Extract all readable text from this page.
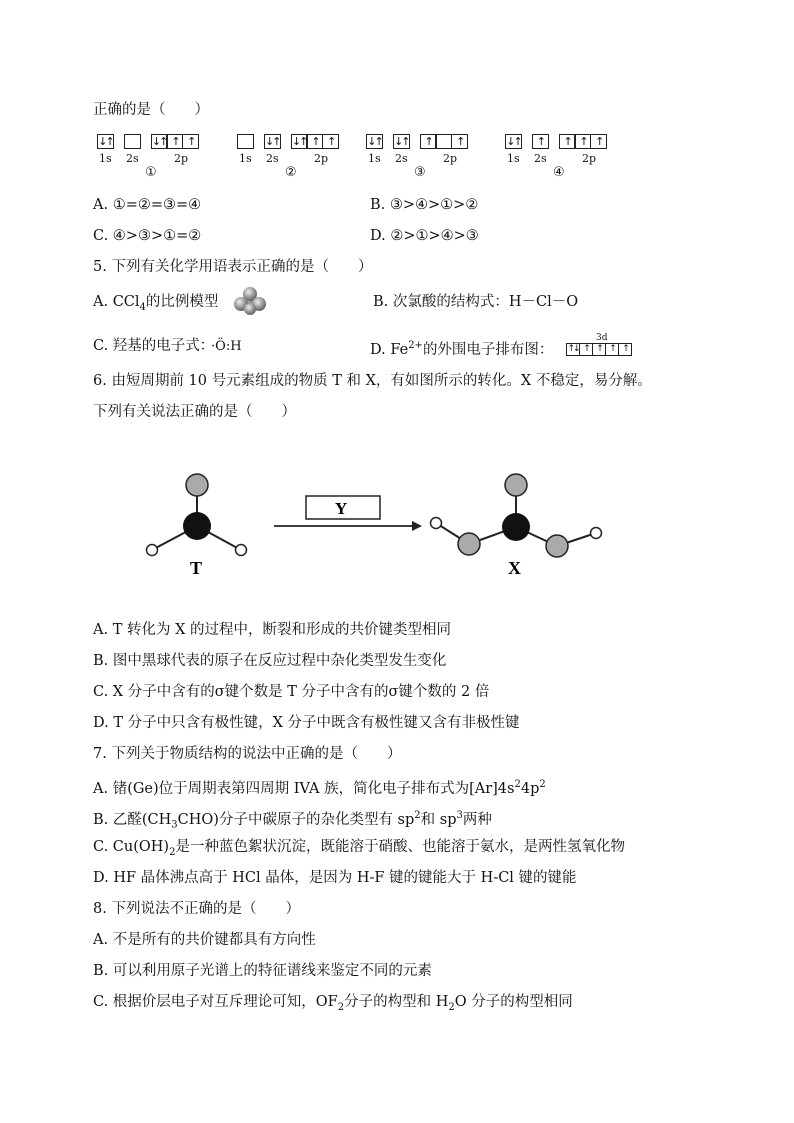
正确的是（　　）
↓↑	↓↑ ↑ ↑
1s 2s	2p
①
↓↑ ↓↑ ↑ ↑
1s 2s	2p
②
↓↑ ↓↑	↑	↑
1s 2s	2p
③
↓↑	↑	↑ ↑ ↑
1s 2s	2p
④
A. ①=②=③=④	B. ③>④>①>②
C. ④>③>①=②	D. ②>①>④>③
5. 下列有关化学用语表示正确的是（　　）
A. CCl$_4$的比例模型	B. 次氯酸的结构式：H－Cl－O
C. 羟基的电子式： ·Ö:H	D. $Fe^{2+}$的外围电子排布图：
3d
↑↓ ↑ ↑ ↑ ↑
6. 由短周期前 10 号元素组成的物质 T 和 X，有如图所示的转化。X 不稳定，易分解。
下列有关说法正确的是（　　）
T
Y
X
A. T 转化为 X 的过程中，断裂和形成的共价键类型相同
B. 图中黑球代表的原子在反应过程中杂化类型发生变化
C. X 分子中含有的σ键个数是 T 分子中含有的σ键个数的 2 倍
D. T 分子中只含有极性键，X 分子中既含有极性键又含有非极性键
7. 下列关于物质结构的说法中正确的是（　　）
A. 锗(Ge)位于周期表第四周期 IVA 族，简化电子排布式为$[Ar]4s^24p^2$
B. 乙醛$(CH_3CHO)$分子中碳原子的杂化类型有 $sp^2$和 $sp^3$两种
C. $Cu(OH)_2$是一种蓝色絮状沉淀，既能溶于硝酸、也能溶于氨水，是两性氢氧化物
D. HF 晶体沸点高于 HCl 晶体，是因为 H-F 键的键能大于 H-Cl 键的键能
8. 下列说法不正确的是（　　）
A. 不是所有的共价键都具有方向性
B. 可以利用原子光谱上的特征谱线来鉴定不同的元素
C. 根据价层电子对互斥理论可知，$OF_2$分子的构型和 $H_2O$ 分子的构型相同
